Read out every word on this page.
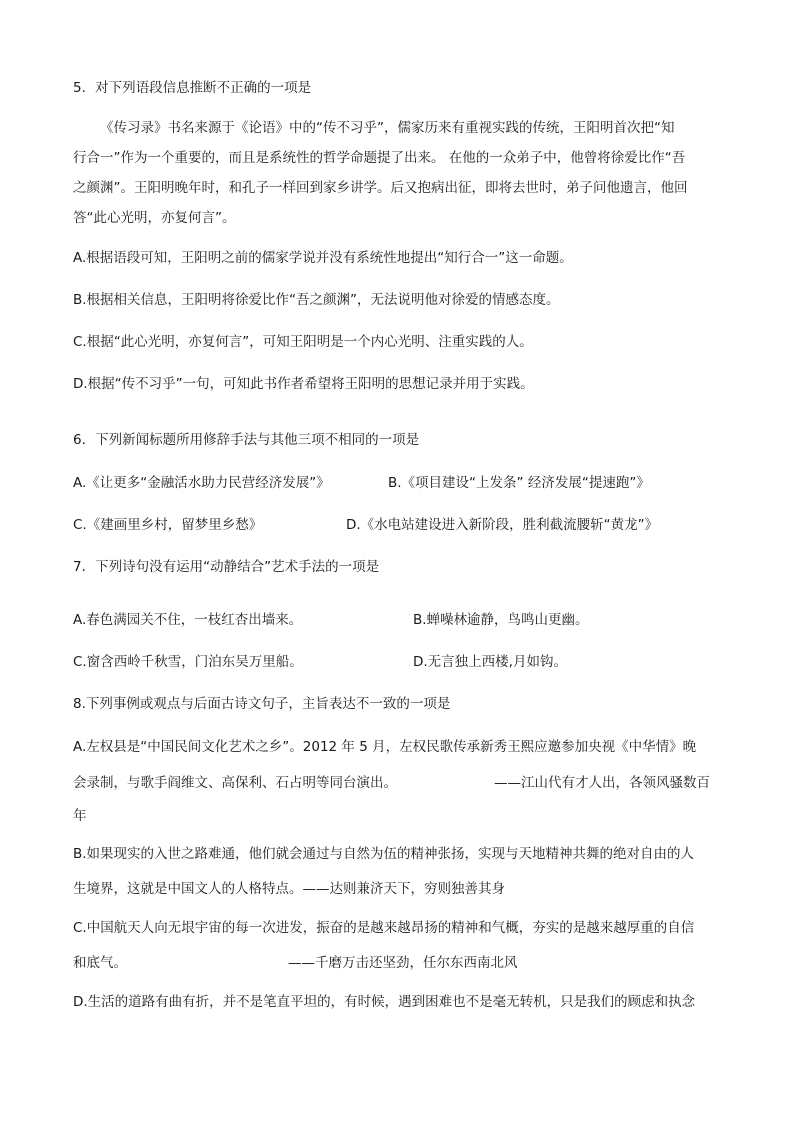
5．对下列语段信息推断不正确的一项是
《传习录》书名来源于《论语》中的“传不习乎”，儒家历来有重视实践的传统，王阳明首次把“知
行合一”作为一个重要的，而且是系统性的哲学命题提了出来。 在他的一众弟子中，他曾将徐爱比作“吾
之颜渊”。王阳明晚年时，和孔子一样回到家乡讲学。后又抱病出征，即将去世时，弟子问他遗言，他回
答“此心光明，亦复何言”。
A.根据语段可知，王阳明之前的儒家学说并没有系统性地提出“知行合一”这一命题。
B.根据相关信息，王阳明将徐爱比作“吾之颜渊”，无法说明他对徐爱的情感态度。
C.根据“此心光明，亦复何言”，可知王阳明是一个内心光明、注重实践的人。
D.根据“传不习乎”一句，可知此书作者希望将王阳明的思想记录并用于实践。
6．下列新闻标题所用修辞手法与其他三项不相同的一项是
A.《让更多“金融活水助力民营经济发展”》	B.《项目建设“上发条” 经济发展“提速跑”》
C.《建画里乡村，留梦里乡愁》	D.《水电站建设进入新阶段，胜利截流腰斩“黄龙”》
7．下列诗句没有运用“动静结合”艺术手法的一项是
A.春色满园关不住，一枝红杏出墙来。	B.蝉噪林逾静，鸟鸣山更幽。
C.窗含西岭千秋雪，门泊东吴万里船。	D.无言独上西楼,月如钩。
8.下列事例或观点与后面古诗文句子，主旨表达不一致的一项是
A.左权县是“中国民间文化艺术之乡”。2012 年 5 月，左权民歌传承新秀王熙应邀参加央视《中华情》晚
会录制，与歌手阎维文、高保利、石占明等同台演出。	——江山代有才人出，各领风骚数百
年
B.如果现实的入世之路难通，他们就会通过与自然为伍的精神张扬，实现与天地精神共舞的绝对自由的人
生境界，这就是中国文人的人格特点。——达则兼济天下，穷则独善其身
C.中国航天人向无垠宇宙的每一次进发，振奋的是越来越昂扬的精神和气概，夯实的是越来越厚重的自信
和底气。	——千磨万击还坚劲，任尔东西南北风
D.生活的道路有曲有折，并不是笔直平坦的，有时候，遇到困难也不是毫无转机，只是我们的顾虑和执念
